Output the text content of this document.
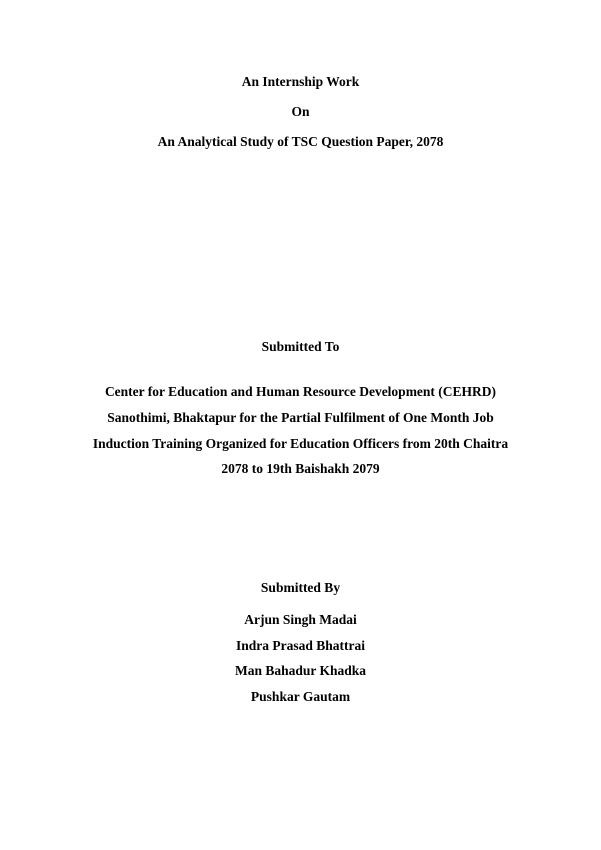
An Internship Work
On
An Analytical Study of TSC Question Paper, 2078
Submitted To
Center for Education and Human Resource Development (CEHRD)
Sanothimi, Bhaktapur for the Partial Fulfilment of One Month Job
Induction Training Organized for Education Officers from 20th Chaitra
2078 to 19th Baishakh 2079
Submitted By
Arjun Singh Madai
Indra Prasad Bhattrai
Man Bahadur Khadka
Pushkar Gautam
